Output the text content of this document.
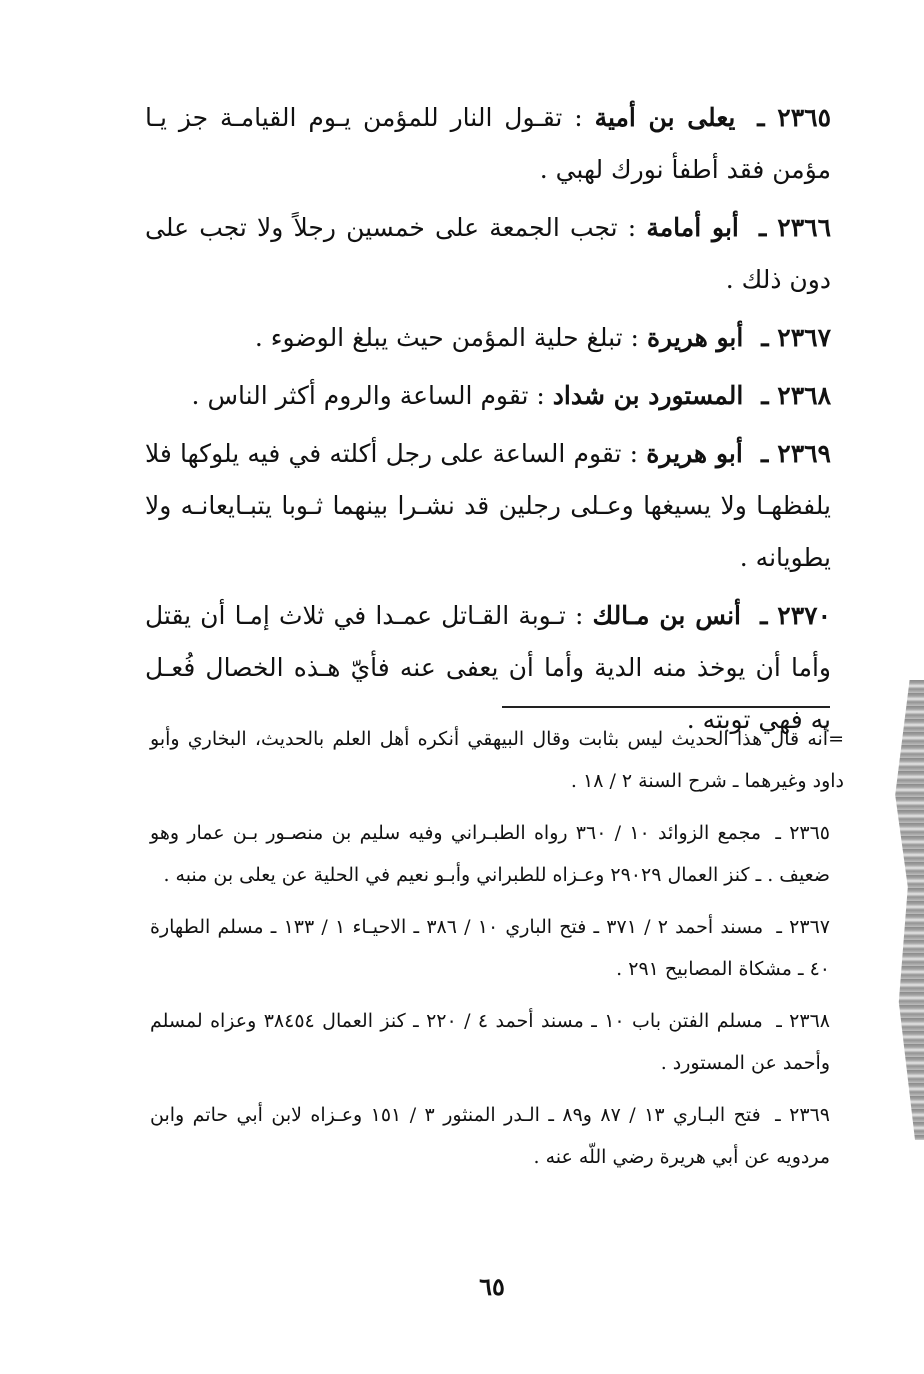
٢٣٦٥ ـ يعلى بن أمية : تقـول النار للمؤمن يـوم القيامـة جز يـا مؤمن فقد أطفأ نورك لهبي .
٢٣٦٦ ـ أبو أمامة : تجب الجمعة على خمسين رجلاً ولا تجب على دون ذلك .
٢٣٦٧ ـ أبو هريرة : تبلغ حلية المؤمن حيث يبلغ الوضوء .
٢٣٦٨ ـ المستورد بن شداد : تقوم الساعة والروم أكثر الناس .
٢٣٦٩ ـ أبو هريرة : تقوم الساعة على رجل أكلته في فيه يلوكها فلا يلفظهـا ولا يسيغها وعـلى رجلين قد نشـرا بينهما ثـوبا يتبـايعانـه ولا يطويانه .
٢٣٧٠ ـ أنس بن مـالك : تـوبة القـاتل عمـدا في ثلاث إمـا أن يقتل وأما أن يوخذ منه الدية وأما أن يعفى عنه فأيّ هـذه الخصال فُعـل به فهي توبته .
=أنه قال هذا الحديث ليس بثابت وقال البيهقي أنكره أهل العلم بالحديث، البخاري وأبو داود وغيرهما ـ شرح السنة ٢ / ١٨ .
٢٣٦٥ ـ مجمع الزوائد ١٠ / ٣٦٠ رواه الطبـراني وفيه سليم بن منصـور بـن عمار وهو ضعيف . ـ كنز العمال ٢٩٠٢٩ وعـزاه للطبراني وأبـو نعيم في الحلية عن يعلى بن منبه .
٢٣٦٧ ـ مسند أحمد ٢ / ٣٧١ ـ فتح الباري ١٠ / ٣٨٦ ـ الاحيـاء ١ / ١٣٣ ـ مسلم الطهارة ٤٠ ـ مشكاة المصابيح ٢٩١ .
٢٣٦٨ ـ مسلم الفتن باب ١٠ ـ مسند أحمد ٤ / ٢٢٠ ـ كنز العمال ٣٨٤٥٤ وعزاه لمسلم وأحمد عن المستورد .
٢٣٦٩ ـ فتح البـاري ١٣ / ٨٧ و٨٩ ـ الـدر المنثور ٣ / ١٥١ وعـزاه لابن أبي حاتم وابن مردويه عن أبي هريرة رضي اللّه عنه .
٦٥
